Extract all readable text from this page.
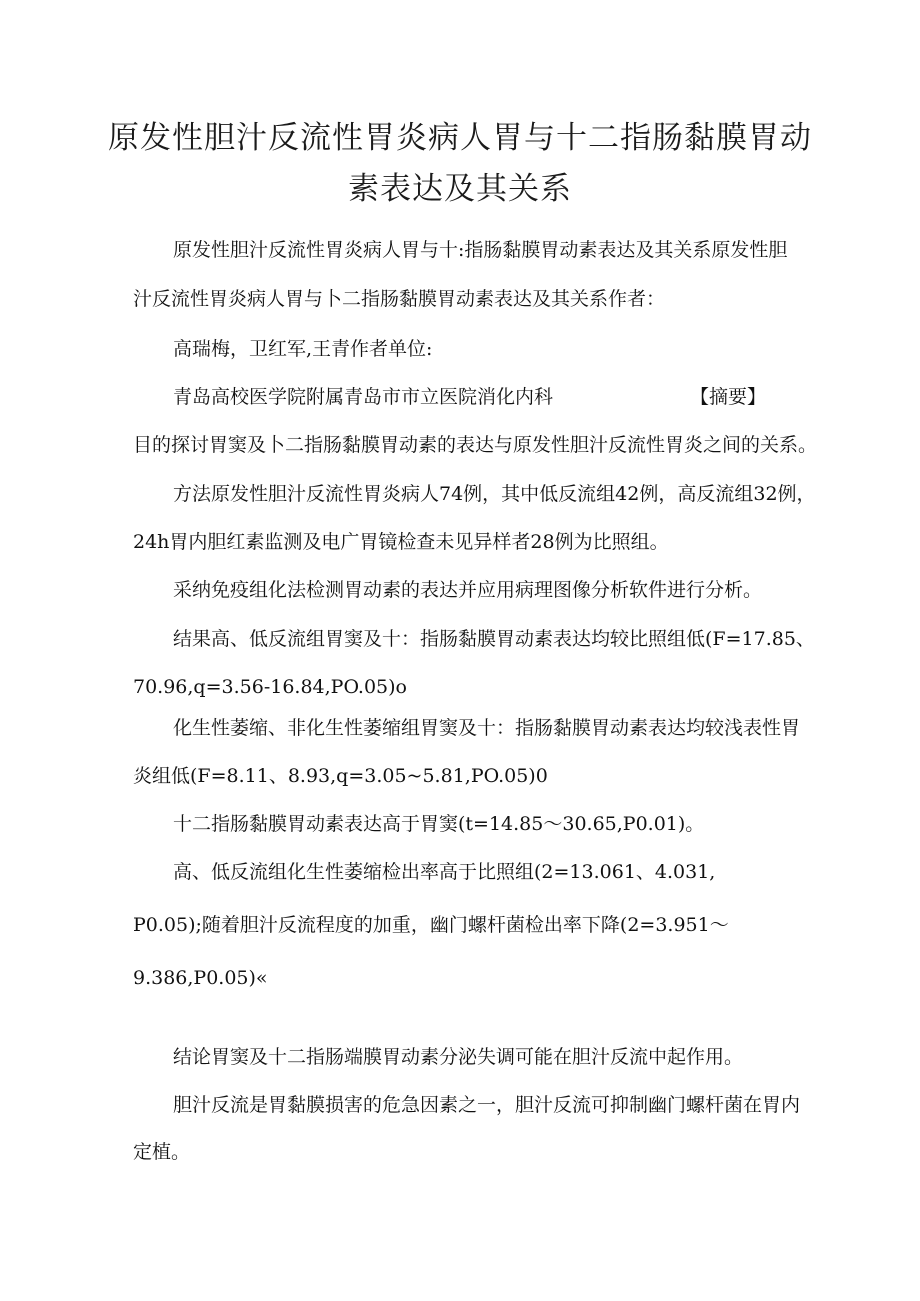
原发性胆汁反流性胃炎病人胃与十二指肠黏膜胃动
素表达及其关系
原发性胆汁反流性胃炎病人胃与十:指肠黏膜胃动素表达及其关系原发性胆
汁反流性胃炎病人胃与卜二指肠黏膜胃动素表达及其关系作者：
高瑞梅，卫红军,王青作者单位:
青岛高校医学院附属青岛市市立医院消化内科	【摘要】
目的探讨胃窦及卜二指肠黏膜胃动素的表达与原发性胆汁反流性胃炎之间的关系。
方法原发性胆汁反流性胃炎病人74例，其中低反流组42例，高反流组32例，
24h胃内胆红素监测及电广胃镜检查未见异样者28例为比照组。
采纳免疫组化法检测胃动素的表达并应用病理图像分析软件进行分析。
结果高、低反流组胃窦及十：指肠黏膜胃动素表达均较比照组低(F=17.85、
70.96,q=3.56-16.84,PO.05)o
化生性萎缩、非化生性萎缩组胃窦及十：指肠黏膜胃动素表达均较浅表性胃
炎组低(F=8.11、8.93,q=3.05~5.81,PO.05)0
十二指肠黏膜胃动素表达高于胃窦(t=14.85〜30.65,P0.01)。
高、低反流组化生性萎缩检出率高于比照组(2=13.061、4.031,
P0.05);随着胆汁反流程度的加重，幽门螺杆菌检出率下降(2=3.951〜
9.386,P0.05)«
结论胃窦及十二指肠端膜胃动素分泌失调可能在胆汁反流中起作用。
胆汁反流是胃黏膜损害的危急因素之一，胆汁反流可抑制幽门螺杆菌在胃内
定植。
